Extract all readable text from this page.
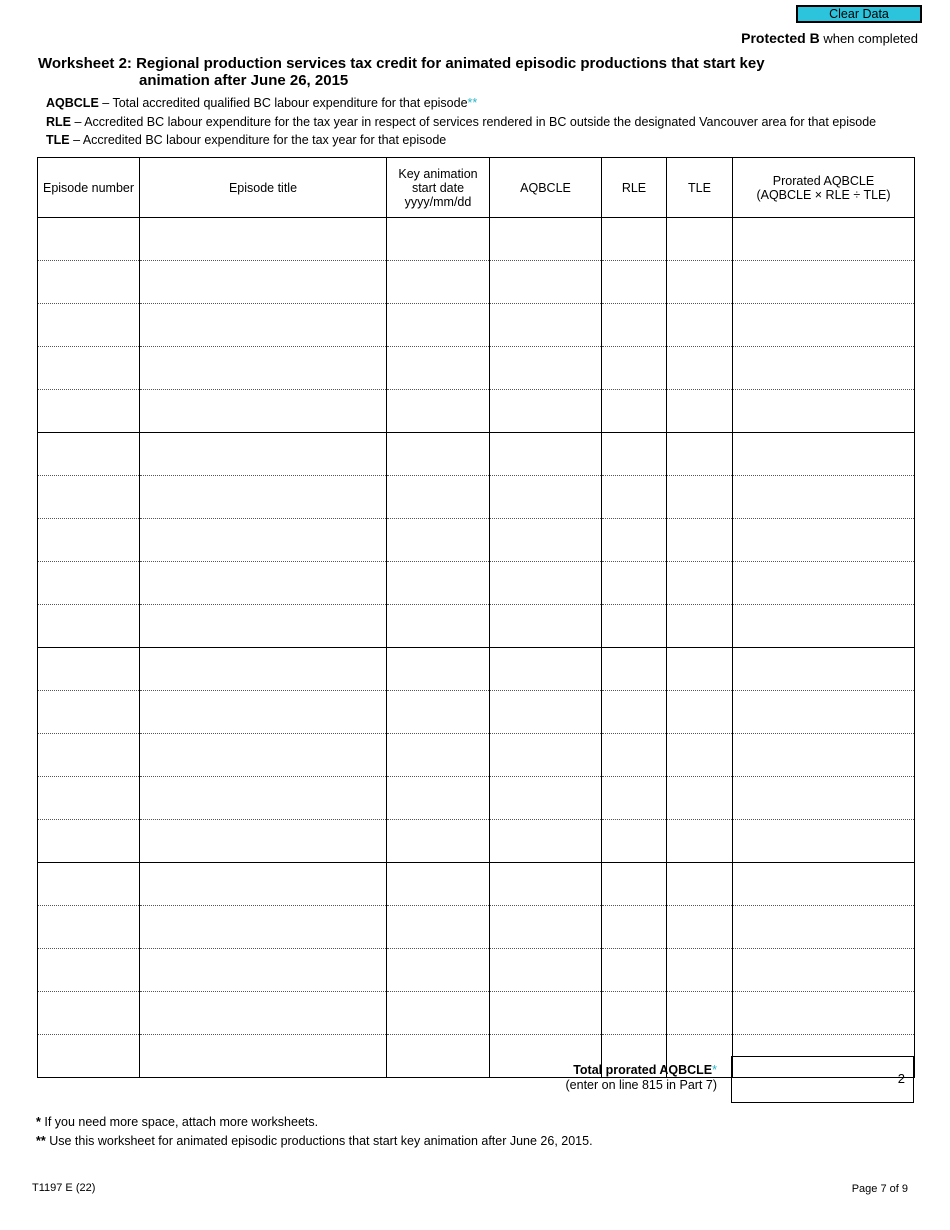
Clear Data
Protected B when completed
Worksheet 2: Regional production services tax credit for animated episodic productions that start key
animation after June 26, 2015
AQBCLE – Total accredited qualified BC labour expenditure for that episode**
RLE – Accredited BC labour expenditure for the tax year in respect of services rendered in BC outside the designated Vancouver area for that episode
TLE – Accredited BC labour expenditure for the tax year for that episode
Episode number	Episode title	Key animation
start date
yyyy/mm/dd	AQBCLE	RLE	TLE	Prorated AQBCLE
(AQBCLE × RLE ÷ TLE)

Total prorated AQBCLE*
(enter on line 815 in Part 7)	2
* If you need more space, attach more worksheets.
** Use this worksheet for animated episodic productions that start key animation after June 26, 2015.
T1197 E (22)	Page 7 of 9
